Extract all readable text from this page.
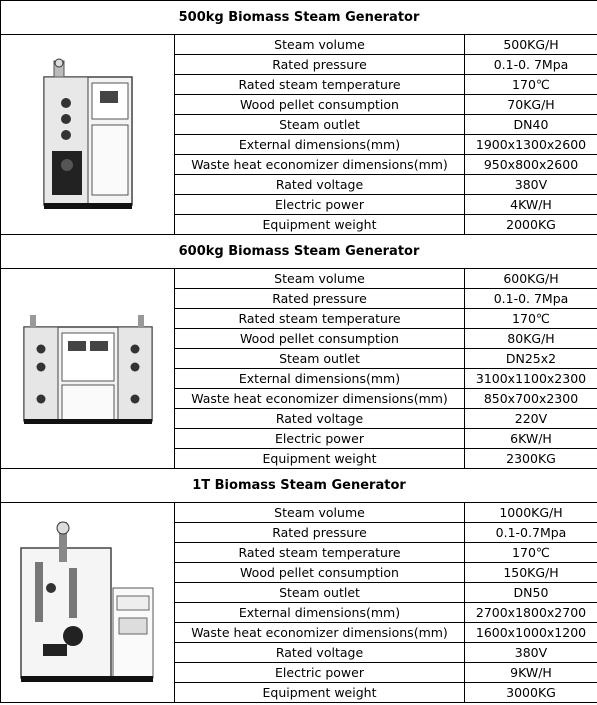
500kg Biomass Steam Generator		

	Steam volume	500KG/H
	Rated pressure	0.1-0. 7Mpa
	Rated steam temperature	170℃
	Wood pellet consumption	70KG/H
	Steam outlet	DN40
	External dimensions(mm)	1900x1300x2600
	Waste heat economizer dimensions(mm)	950x800x2600
	Rated voltage	380V
	Electric power	4KW/H
	Equipment weight	2000KG
600kg Biomass Steam Generator		

	Steam volume	600KG/H
	Rated pressure	0.1-0. 7Mpa
	Rated steam temperature	170℃
	Wood pellet consumption	80KG/H
	Steam outlet	DN25x2
	External dimensions(mm)	3100x1100x2300
	Waste heat economizer dimensions(mm)	850x700x2300
	Rated voltage	220V
	Electric power	6KW/H
	Equipment weight	2300KG
1T Biomass Steam Generator		

	Steam volume	1000KG/H
	Rated pressure	0.1-0.7Mpa
	Rated steam temperature	170℃
	Wood pellet consumption	150KG/H
	Steam outlet	DN50
	External dimensions(mm)	2700x1800x2700
	Waste heat economizer dimensions(mm)	1600x1000x1200
	Rated voltage	380V
	Electric power	9KW/H
	Equipment weight	3000KG
